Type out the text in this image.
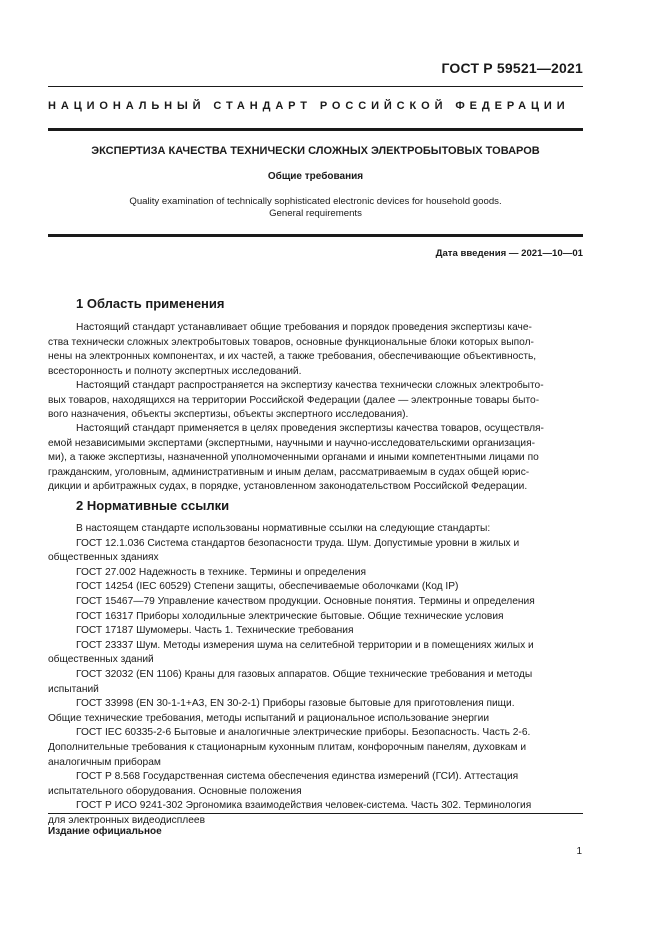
ГОСТ Р 59521—2021
НАЦИОНАЛЬНЫЙ СТАНДАРТ РОССИЙСКОЙ ФЕДЕРАЦИИ
ЭКСПЕРТИЗА КАЧЕСТВА ТЕХНИЧЕСКИ СЛОЖНЫХ ЭЛЕКТРОБЫТОВЫХ ТОВАРОВ
Общие требования
Quality examination of technically sophisticated electronic devices for household goods.
General requirements
Дата введения — 2021—10—01
1 Область применения
Настоящий стандарт устанавливает общие требования и порядок проведения экспертизы каче-
ства технически сложных электробытовых товаров, основные функциональные блоки которых выпол-
нены на электронных компонентах, и их частей, а также требования, обеспечивающие объективность,
всесторонность и полноту экспертных исследований.
Настоящий стандарт распространяется на экспертизу качества технически сложных электробыто-
вых товаров, находящихся на территории Российской Федерации (далее — электронные товары быто-
вого назначения, объекты экспертизы, объекты экспертного исследования).
Настоящий стандарт применяется в целях проведения экспертизы качества товаров, осуществля-
емой независимыми экспертами (экспертными, научными и научно-исследовательскими организация-
ми), а также экспертизы, назначенной уполномоченными органами и иными компетентными лицами по
гражданским, уголовным, административным и иным делам, рассматриваемым в судах общей юрис-
дикции и арбитражных судах, в порядке, установленном законодательством Российской Федерации.
2 Нормативные ссылки
В настоящем стандарте использованы нормативные ссылки на следующие стандарты:
ГОСТ 12.1.036 Система стандартов безопасности труда. Шум. Допустимые уровни в жилых и
общественных зданиях
ГОСТ 27.002 Надежность в технике. Термины и определения
ГОСТ 14254 (IEC 60529) Степени защиты, обеспечиваемые оболочками (Код IP)
ГОСТ 15467—79 Управление качеством продукции. Основные понятия. Термины и определения
ГОСТ 16317 Приборы холодильные электрические бытовые. Общие технические условия
ГОСТ 17187 Шумомеры. Часть 1. Технические требования
ГОСТ 23337 Шум. Методы измерения шума на селитебной территории и в помещениях жилых и
общественных зданий
ГОСТ 32032 (EN 1106) Краны для газовых аппаратов. Общие технические требования и методы
испытаний
ГОСТ 33998 (EN 30-1-1+A3, EN 30-2-1) Приборы газовые бытовые для приготовления пищи.
Общие технические требования, методы испытаний и рациональное использование энергии
ГОСТ IEC 60335-2-6 Бытовые и аналогичные электрические приборы. Безопасность. Часть 2-6.
Дополнительные требования к стационарным кухонным плитам, конфорочным панелям, духовкам и
аналогичным приборам
ГОСТ Р 8.568 Государственная система обеспечения единства измерений (ГСИ). Аттестация
испытательного оборудования. Основные положения
ГОСТ Р ИСО 9241-302 Эргономика взаимодействия человек-система. Часть 302. Терминология
для электронных видеодисплеев
Издание официальное
1
